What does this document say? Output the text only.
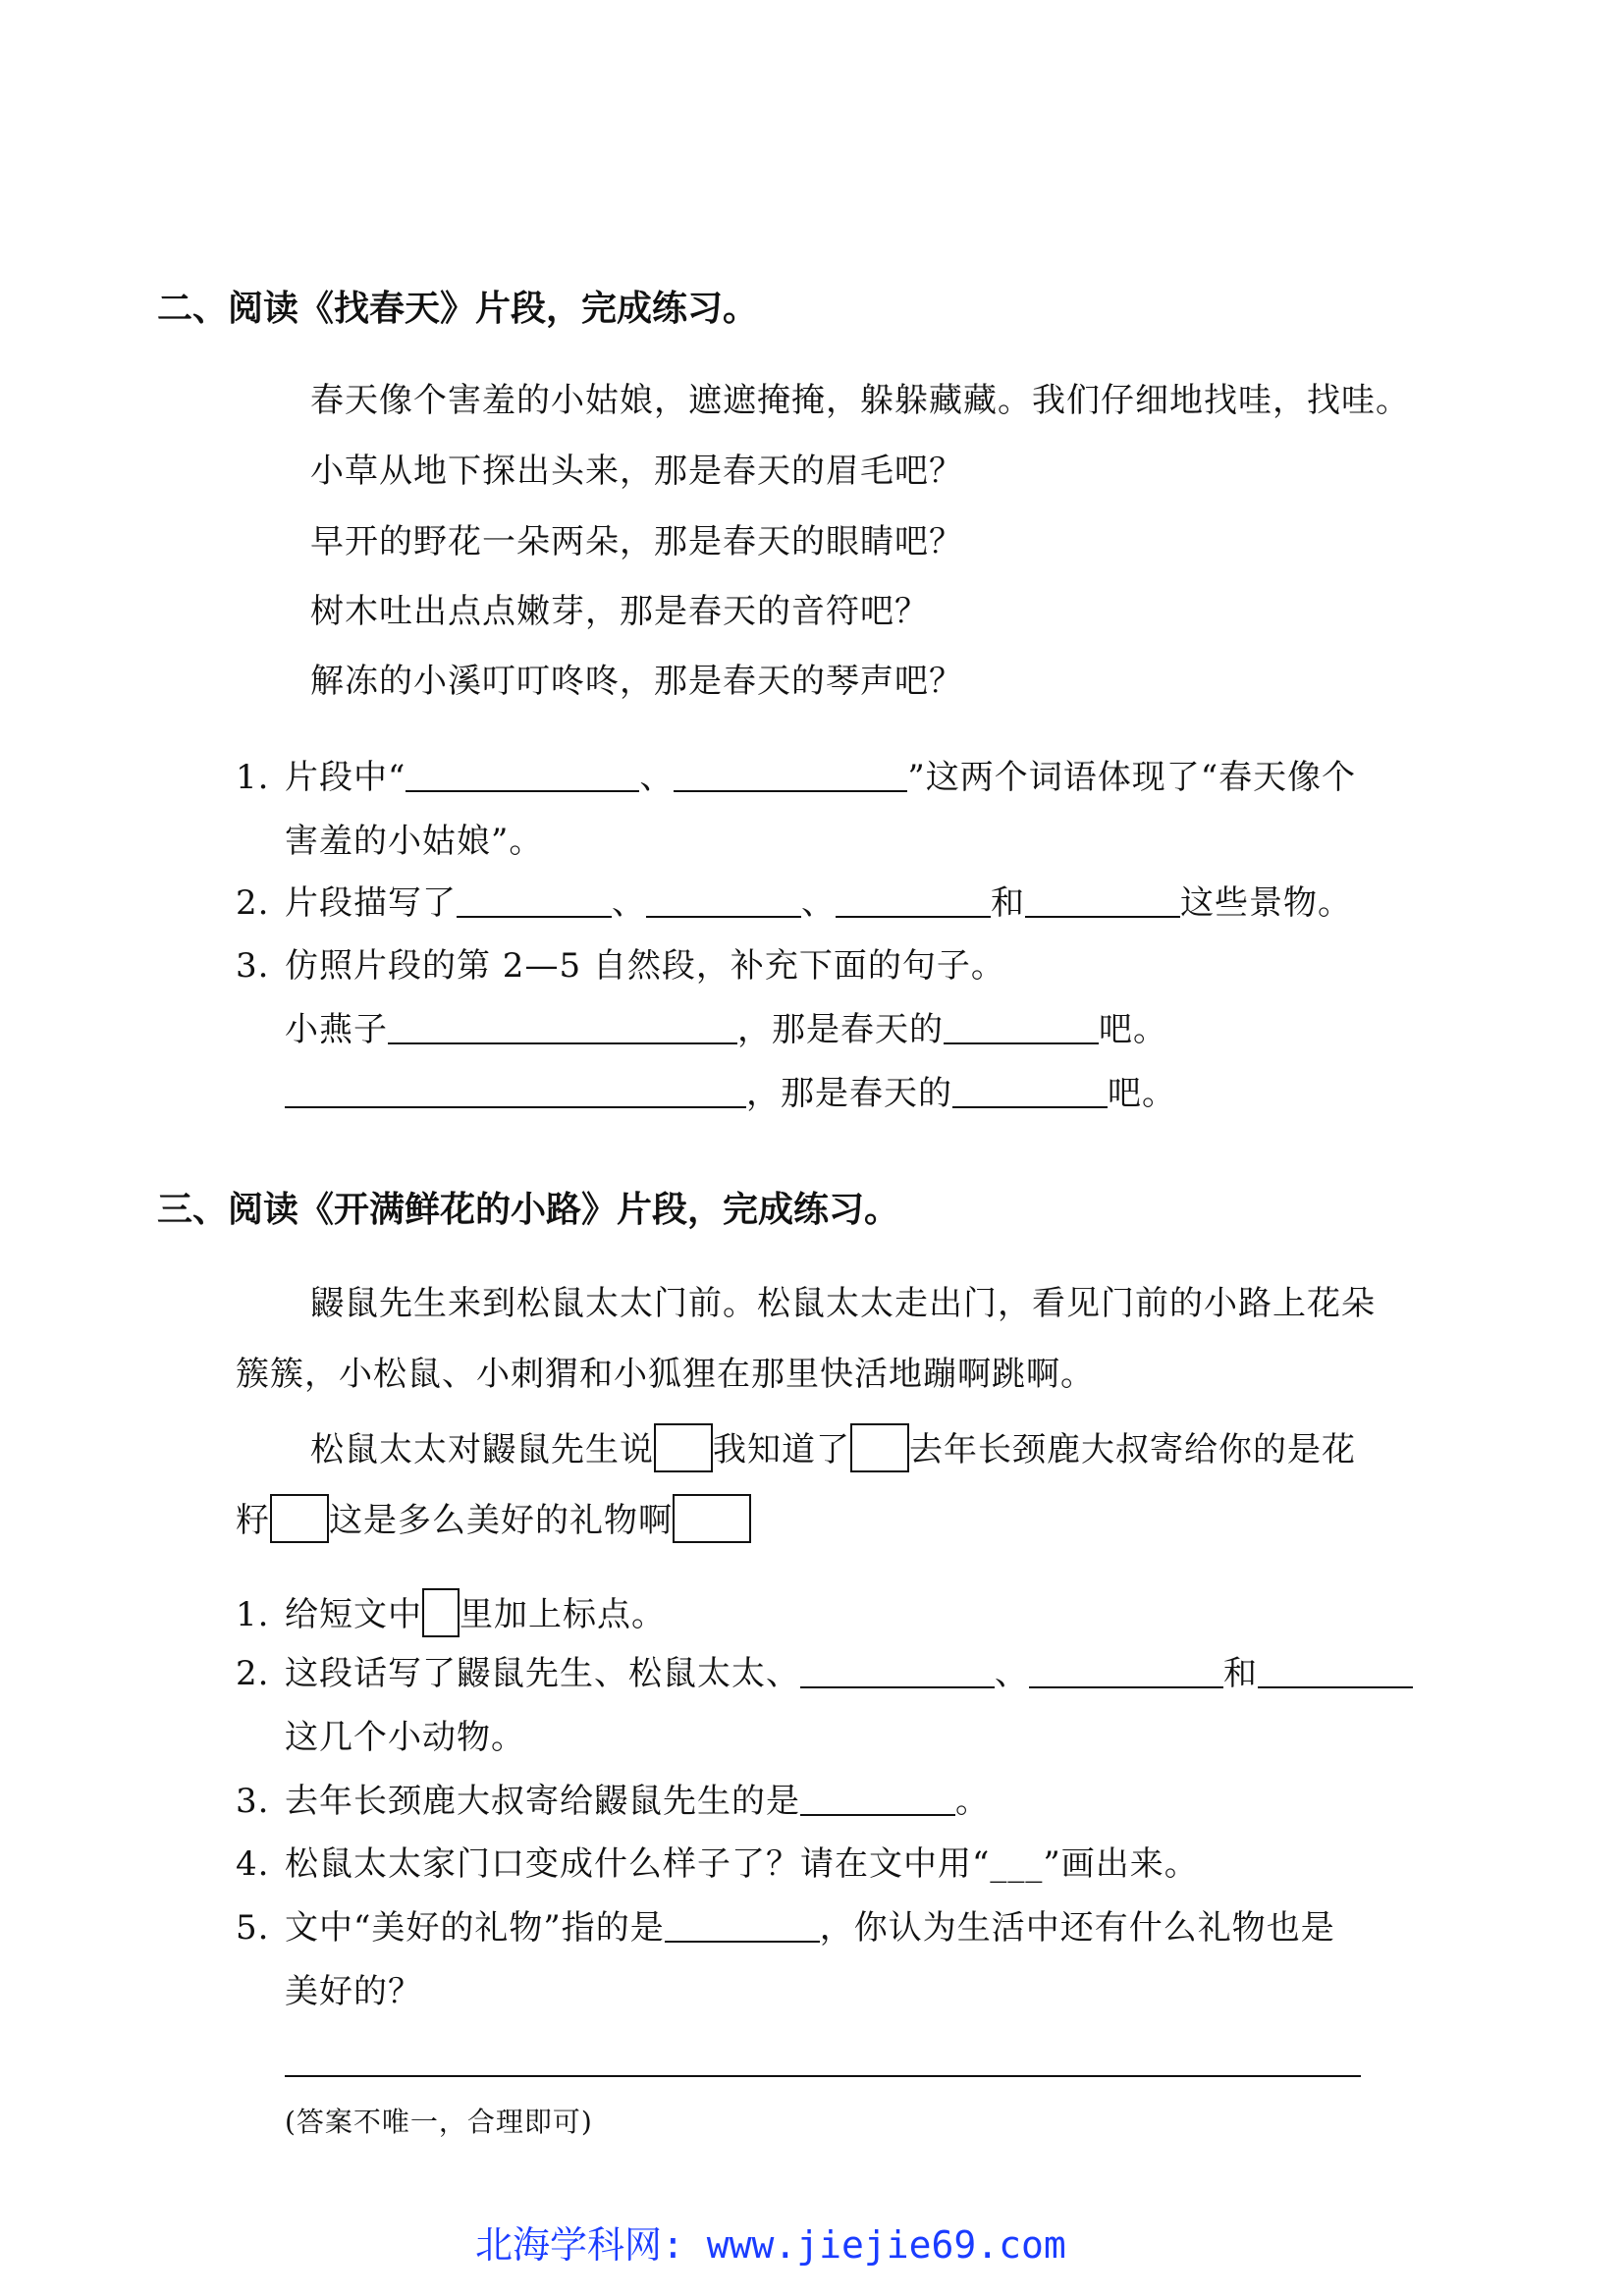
二、阅读《找春天》片段，完成练习。
春天像个害羞的小姑娘，遮遮掩掩，躲躲藏藏。我们仔细地找哇，找哇。
小草从地下探出头来，那是春天的眉毛吧？
早开的野花一朵两朵，那是春天的眼睛吧？
树木吐出点点嫩芽，那是春天的音符吧？
解冻的小溪叮叮咚咚，那是春天的琴声吧？
1. 片段中“	、	”这两个词语体现了“春天像个
害羞的小姑娘”。
2. 片段描写了	、	、	和	这些景物。
3. 仿照片段的第 2—5 自然段，补充下面的句子。
小燕子	，那是春天的	吧。
，那是春天的	吧。
三、阅读《开满鲜花的小路》片段，完成练习。
鼹鼠先生来到松鼠太太门前。松鼠太太走出门，看见门前的小路上花朵
簇簇，小松鼠、小刺猬和小狐狸在那里快活地蹦啊跳啊。
松鼠太太对鼹鼠先生说 我知道了 去年长颈鹿大叔寄给你的是花
籽 这是多么美好的礼物啊
1. 给短文中 里加上标点。
2. 这段话写了鼹鼠先生、松鼠太太、	、	和
这几个小动物。
3. 去年长颈鹿大叔寄给鼹鼠先生的是	。
4. 松鼠太太家门口变成什么样子了？请在文中用“___”画出来。
5. 文中“美好的礼物”指的是	，你认为生活中还有什么礼物也是
美好的？
(答案不唯一，合理即可)
北海学科网: www.jiejie69.com
